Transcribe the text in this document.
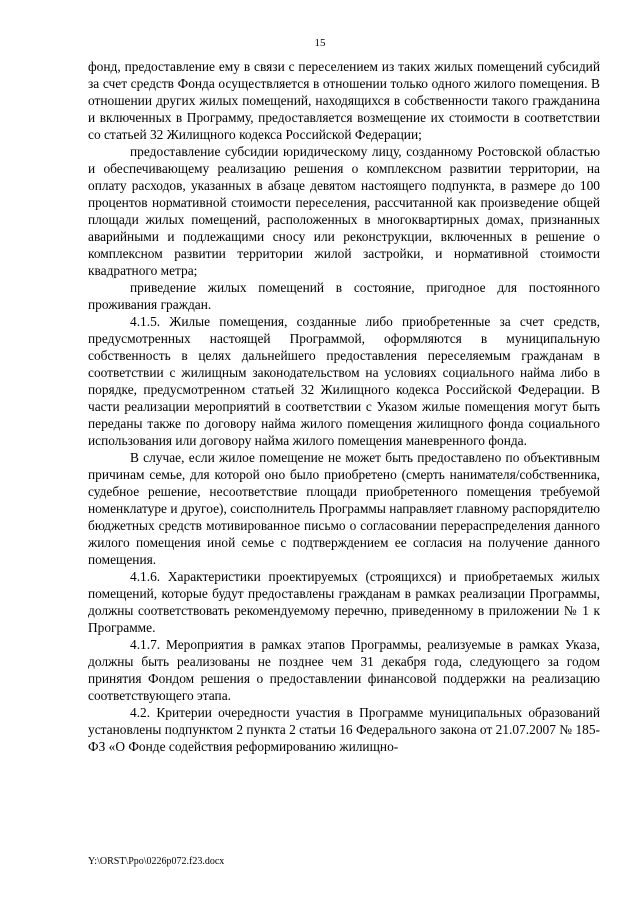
15

фонд, предоставление ему в связи с переселением из таких жилых помещений субсидий за счет средств Фонда осуществляется в отношении только одного жилого помещения. В отношении других жилых помещений, находящихся в собственности такого гражданина и включенных в Программу, предоставляется возмещение их стоимости в соответствии со статьей 32 Жилищного кодекса Российской Федерации;

предоставление субсидии юридическому лицу, созданному Ростовской областью и обеспечивающему реализацию решения о комплексном развитии территории, на оплату расходов, указанных в абзаце девятом настоящего подпункта, в размере до 100 процентов нормативной стоимости переселения, рассчитанной как произведение общей площади жилых помещений, расположенных в многоквартирных домах, признанных аварийными и подлежащими сносу или реконструкции, включенных в решение о комплексном развитии территории жилой застройки, и нормативной стоимости квадратного метра;

приведение жилых помещений в состояние, пригодное для постоянного проживания граждан.

4.1.5. Жилые помещения, созданные либо приобретенные за счет средств, предусмотренных настоящей Программой, оформляются в муниципальную собственность в целях дальнейшего предоставления переселяемым гражданам в соответствии с жилищным законодательством на условиях социального найма либо в порядке, предусмотренном статьей 32 Жилищного кодекса Российской Федерации. В части реализации мероприятий в соответствии с Указом жилые помещения могут быть переданы также по договору найма жилого помещения жилищного фонда социального использования или договору найма жилого помещения маневренного фонда.

В случае, если жилое помещение не может быть предоставлено по объективным причинам семье, для которой оно было приобретено (смерть нанимателя/собственника, судебное решение, несоответствие площади приобретенного помещения требуемой номенклатуре и другое), соисполнитель Программы направляет главному распорядителю бюджетных средств мотивированное письмо о согласовании перераспределения данного жилого помещения иной семье с подтверждением ее согласия на получение данного помещения.

4.1.6. Характеристики проектируемых (строящихся) и приобретаемых жилых помещений, которые будут предоставлены гражданам в рамках реализации Программы, должны соответствовать рекомендуемому перечню, приведенному в приложении № 1 к Программе.

4.1.7. Мероприятия в рамках этапов Программы, реализуемые в рамках Указа, должны быть реализованы не позднее чем 31 декабря года, следующего за годом принятия Фондом решения о предоставлении финансовой поддержки на реализацию соответствующего этапа.

4.2. Критерии очередности участия в Программе муниципальных образований установлены подпунктом 2 пункта 2 статьи 16 Федерального закона от 21.07.2007 № 185-ФЗ «О Фонде содействия реформированию жилищно-

Y:\ORST\Ppo\0226p072.f23.docx
